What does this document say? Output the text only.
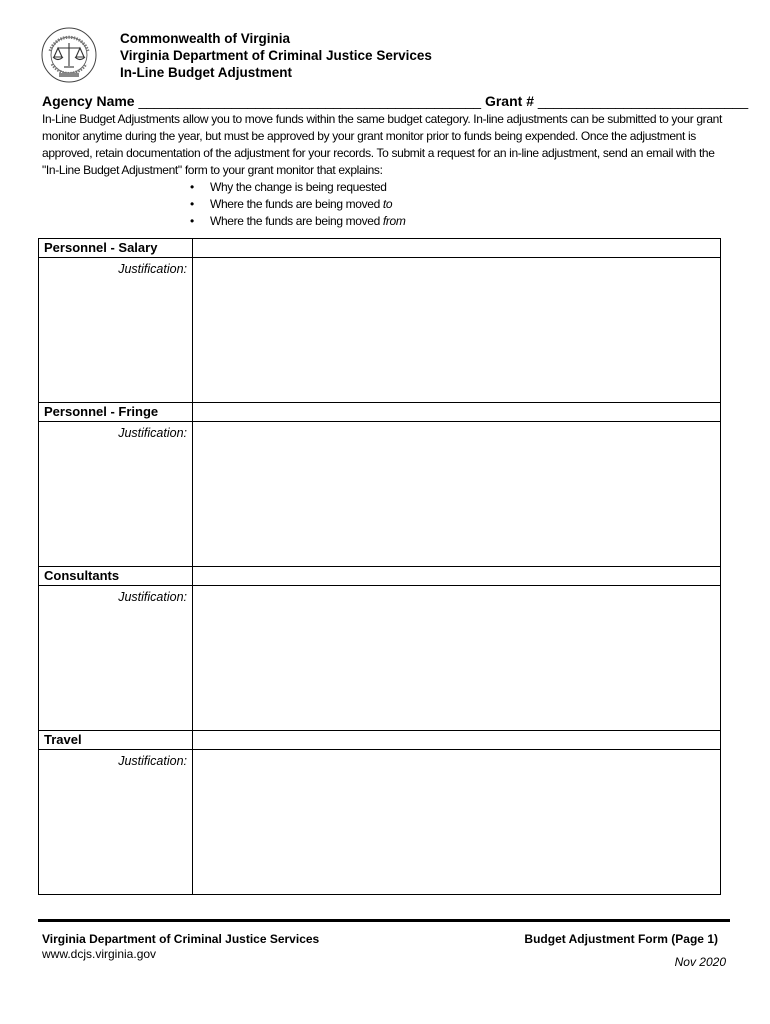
Commonwealth of Virginia
Virginia Department of Criminal Justice Services
In-Line Budget Adjustment
Agency Name ____________________________________________ Grant # ___________________________

In-Line Budget Adjustments allow you to move funds within the same budget category. In-line adjustments can be submitted to your grant monitor anytime during the year, but must be approved by your grant monitor prior to funds being expended. Once the adjustment is approved, retain documentation of the adjustment for your records. To submit a request for an in-line adjustment, send an email with the "In-Line Budget Adjustment" form to your grant monitor that explains:

• Why the change is being requested
• Where the funds are being moved to
• Where the funds are being moved from
Personnel - Salary	
Justification:	
Personnel - Fringe	
Justification:	
Consultants	
Justification:	
Travel	
Justification:	
Virginia Department of Criminal Justice Services
www.dcjs.virginia.gov
Budget Adjustment Form (Page 1)
Nov 2020
